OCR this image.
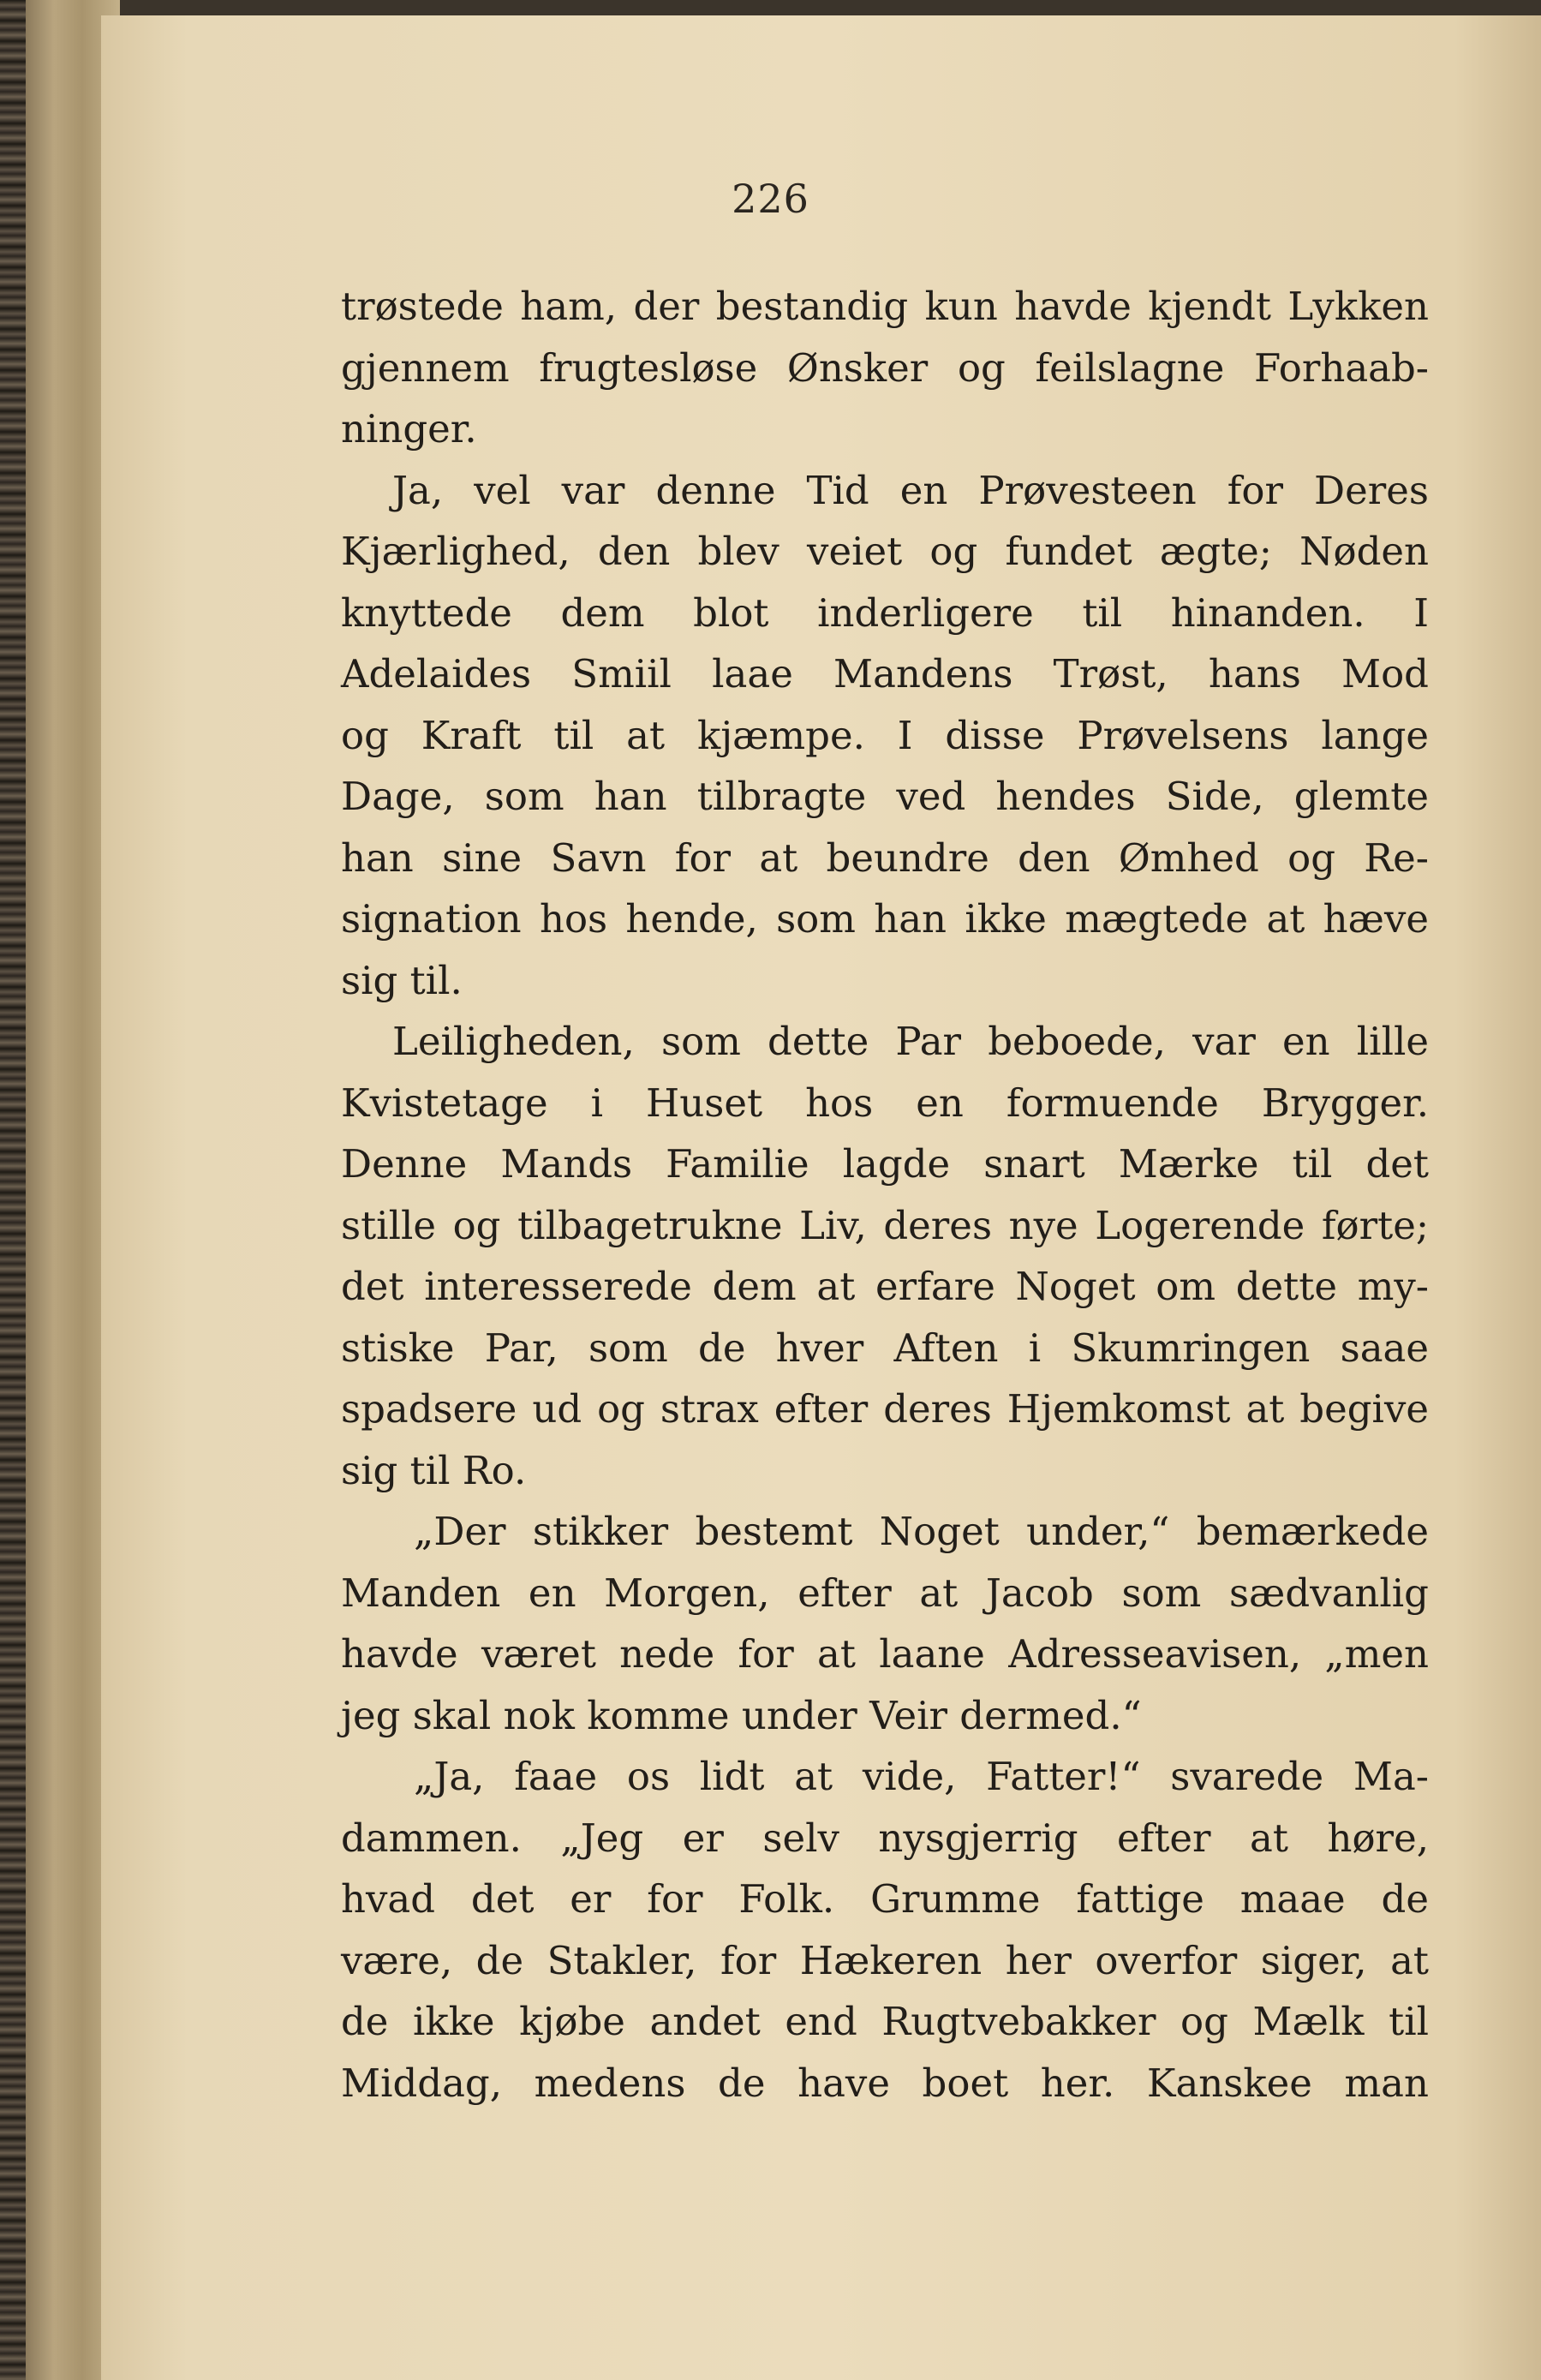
226
trøstede ham, der bestandig kun havde kjendt Lykken
gjennem frugtesløse Ønsker og feilslagne Forhaab-
ninger.
Ja, vel var denne Tid en Prøvesteen for Deres
Kjærlighed, den blev veiet og fundet ægte; Nøden
knyttede dem blot inderligere til hinanden. I
Adelaides Smiil laae Mandens Trøst, hans Mod
og Kraft til at kjæmpe. I disse Prøvelsens lange
Dage, som han tilbragte ved hendes Side, glemte
han sine Savn for at beundre den Ømhed og Re-
signation hos hende, som han ikke mægtede at hæve
sig til.
Leiligheden, som dette Par beboede, var en lille
Kvistetage i Huset hos en formuende Brygger.
Denne Mands Familie lagde snart Mærke til det
stille og tilbagetrukne Liv, deres nye Logerende førte;
det interesserede dem at erfare Noget om dette my-
stiske Par, som de hver Aften i Skumringen saae
spadsere ud og strax efter deres Hjemkomst at begive
sig til Ro.
„Der stikker bestemt Noget under,“ bemærkede
Manden en Morgen, efter at Jacob som sædvanlig
havde været nede for at laane Adresseavisen, „men
jeg skal nok komme under Veir dermed.“
„Ja, faae os lidt at vide, Fatter!“ svarede Ma-
dammen. „Jeg er selv nysgjerrig efter at høre,
hvad det er for Folk. Grumme fattige maae de
være, de Stakler, for Hækeren her overfor siger, at
de ikke kjøbe andet end Rugtvebakker og Mælk til
Middag, medens de have boet her. Kanskee man
